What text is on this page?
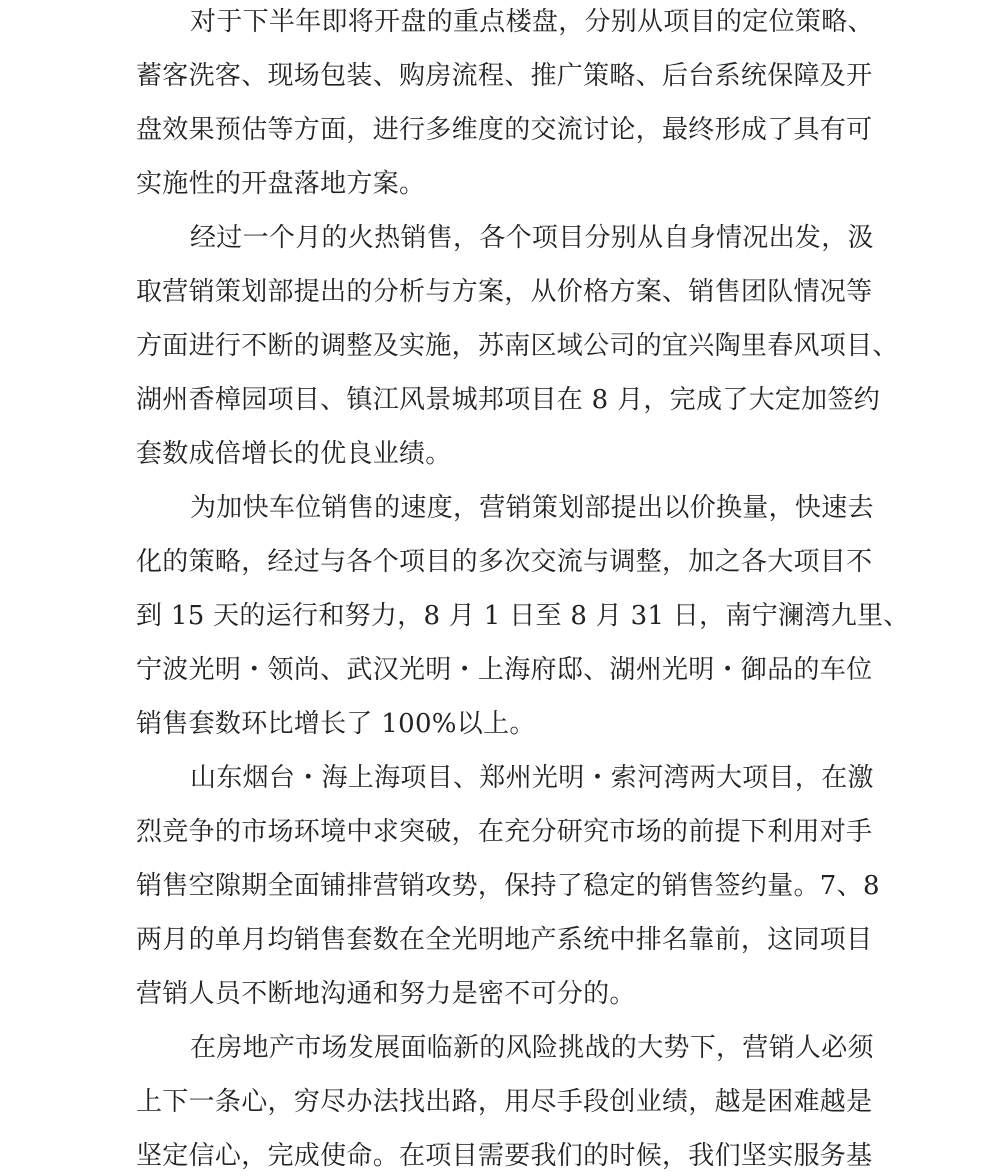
对于下半年即将开盘的重点楼盘，分别从项目的定位策略、
蓄客洗客、现场包装、购房流程、推广策略、后台系统保障及开
盘效果预估等方面，进行多维度的交流讨论，最终形成了具有可
实施性的开盘落地方案。
经过一个月的火热销售，各个项目分别从自身情况出发，汲
取营销策划部提出的分析与方案，从价格方案、销售团队情况等
方面进行不断的调整及实施，苏南区域公司的宜兴陶里春风项目、
湖州香樟园项目、镇江风景城邦项目在 8 月，完成了大定加签约
套数成倍增长的优良业绩。
为加快车位销售的速度，营销策划部提出以价换量，快速去
化的策略，经过与各个项目的多次交流与调整，加之各大项目不
到 15 天的运行和努力，8 月 1 日至 8 月 31 日，南宁澜湾九里、
宁波光明・领尚、武汉光明・上海府邸、湖州光明・御品的车位
销售套数环比增长了 100%以上。
山东烟台・海上海项目、郑州光明・索河湾两大项目，在激
烈竞争的市场环境中求突破，在充分研究市场的前提下利用对手
销售空隙期全面铺排营销攻势，保持了稳定的销售签约量。7、8
两月的单月均销售套数在全光明地产系统中排名靠前，这同项目
营销人员不断地沟通和努力是密不可分的。
在房地产市场发展面临新的风险挑战的大势下，营销人必须
上下一条心，穷尽办法找出路，用尽手段创业绩，越是困难越是
坚定信心，完成使命。在项目需要我们的时候，我们坚实服务基
